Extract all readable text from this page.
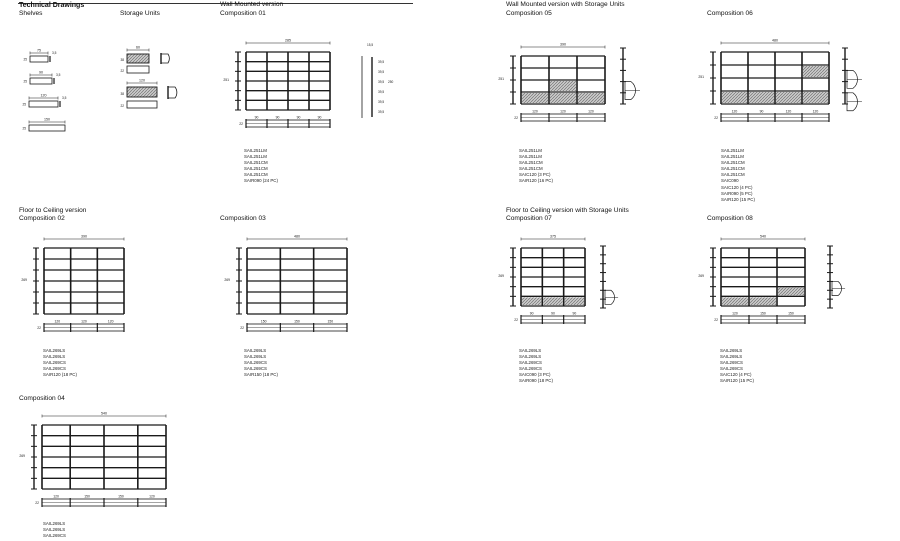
Technical Drawings
Shelves	Storage Units
Wall Mounted version
Composition 01
Wall Mounted version with Storage Units
Composition 05	Composition 06
Floor to Ceiling version
Composition 02	Composition 03
Floor to Ceiling version with Storage Units
Composition 07	Composition 08
Composition 04
SAIL251LM
SAIL251LM
SAIL251CM
SAIL251CM
SAIL251CM
SAIR090 (24 PC)
SAIL251LM
SAIL251LM
SAIL251CM
SAIL251CM
SAIC120 (3 PC)
SAIR120 (16 PC)
SAIL251LM
SAIL251LM
SAIL251CM
SAIL251CM
SAIL251CM
SAIC090
SAIC120 (4 PC)
SAIR090 (5 PC)
SAIR120 (15 PC)
SAIL269LS
SAIL269LS
SAIL269CS
SAIL269CS
SAIR120 (18 PC)
SAIL269LS
SAIL269LS
SAIL269CS
SAIL269CS
SAIR150 (18 PC)
SAIL269LS
SAIL269LS
SAIL269CS
SAIL269CS
SAIC090 (3 PC)
SAIR090 (18 PC)
SAIL269LS
SAIL269LS
SAIL269CS
SAIL269CS
SAIC120 (4 PC)
SAIR120 (15 PC)
SAIL269LS
SAIL269LS
SAIL269CS
75
3,5
25
90
3,5
25
120
3,5
25
150
25
60
38
22
120
38
22
285
251
90	90	90	90
22
15,5
39,5
39,5
39,5
39,5
39,5
39,5
250
390
251
120	120	120
22
480
251
120	90	120	120
22
390
269
120	120	120
22
480
269
150	150	150
22
375
269
90	90	90
22
540
269
120	150	150
22
540
269
120	150	150	120
22
